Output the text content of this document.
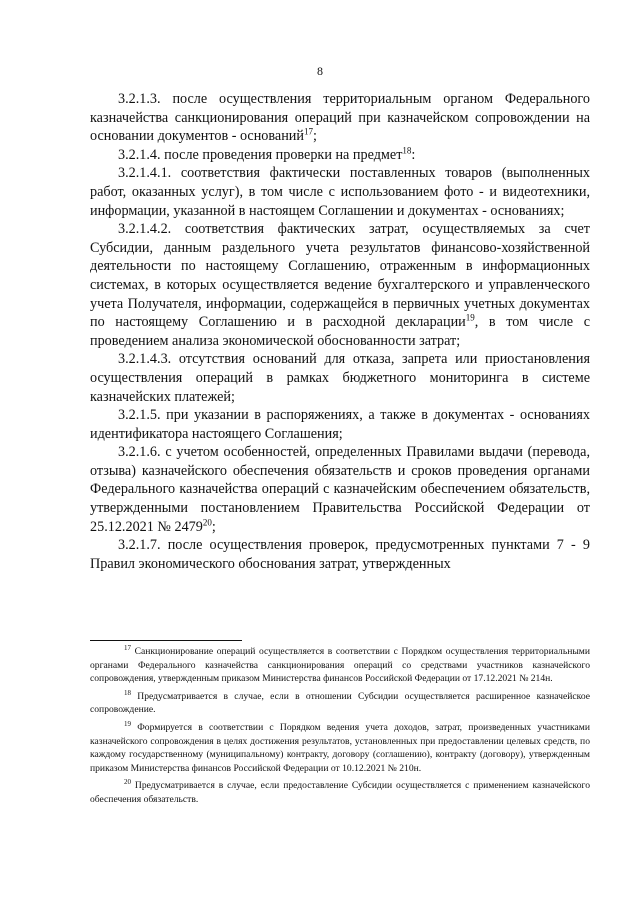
8

3.2.1.3. после осуществления территориальным органом Федерального казначейства санкционирования операций при казначейском сопровождении на основании документов - оснований$^{17}$;

3.2.1.4. после проведения проверки на предмет$^{18}$:

3.2.1.4.1. соответствия фактически поставленных товаров (выполненных работ, оказанных услуг), в том числе с использованием фото - и видеотехники, информации, указанной в настоящем Соглашении и документах - основаниях;

3.2.1.4.2. соответствия фактических затрат, осуществляемых за счет Субсидии, данным раздельного учета результатов финансово-хозяйственной деятельности по настоящему Соглашению, отраженным в информационных системах, в которых осуществляется ведение бухгалтерского и управленческого учета Получателя, информации, содержащейся в первичных учетных документах по настоящему Соглашению и в расходной декларации$^{19}$, в том числе с проведением анализа экономической обоснованности затрат;

3.2.1.4.3. отсутствия оснований для отказа, запрета или приостановления осуществления операций в рамках бюджетного мониторинга в системе казначейских платежей;

3.2.1.5. при указании в распоряжениях, а также в документах - основаниях идентификатора настоящего Соглашения;

3.2.1.6. с учетом особенностей, определенных Правилами выдачи (перевода, отзыва) казначейского обеспечения обязательств и сроков проведения органами Федерального казначейства операций с казначейским обеспечением обязательств, утвержденными постановлением Правительства Российской Федерации от 25.12.2021 № 2479$^{20}$;

3.2.1.7. после осуществления проверок, предусмотренных пунктами 7 - 9 Правил экономического обоснования затрат, утвержденных

$^{17}$ Санкционирование операций осуществляется в соответствии с Порядком осуществления территориальными органами Федерального казначейства санкционирования операций со средствами участников казначейского сопровождения, утвержденным приказом Министерства финансов Российской Федерации от 17.12.2021 № 214н.

$^{18}$ Предусматривается в случае, если в отношении Субсидии осуществляется расширенное казначейское сопровождение.

$^{19}$ Формируется в соответствии с Порядком ведения учета доходов, затрат, произведенных участниками казначейского сопровождения в целях достижения результатов, установленных при предоставлении целевых средств, по каждому государственному (муниципальному) контракту, договору (соглашению), контракту (договору), утвержденным приказом Министерства финансов Российской Федерации от 10.12.2021 № 210н.

$^{20}$ Предусматривается в случае, если предоставление Субсидии осуществляется с применением казначейского обеспечения обязательств.
